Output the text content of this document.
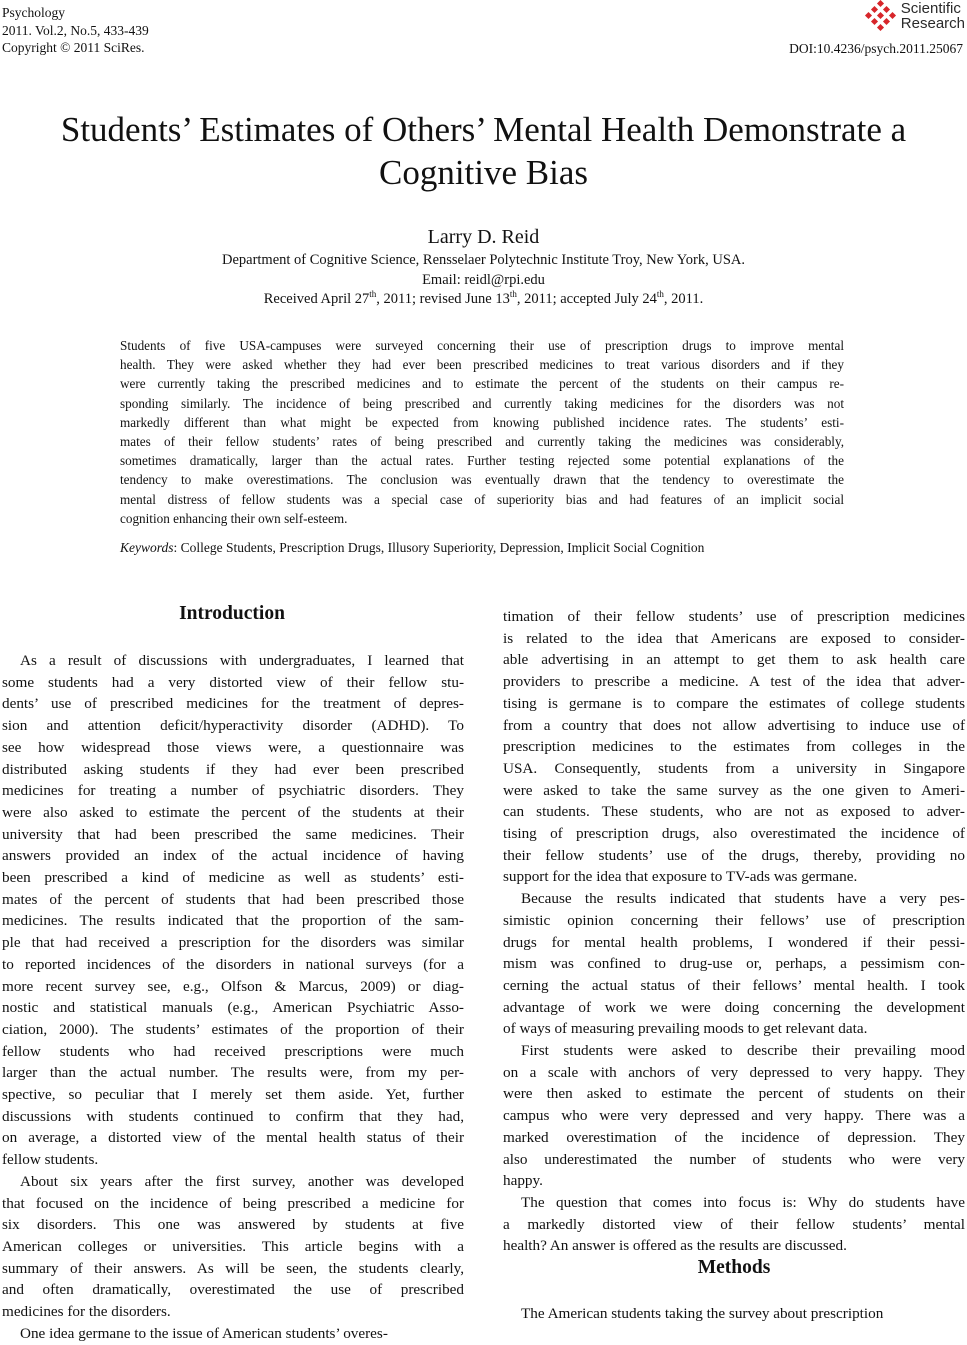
Psychology
2011. Vol.2, No.5, 433-439
Copyright © 2011 SciRes.
Scientific
Research
DOI:10.4236/psych.2011.25067
Students’ Estimates of Others’ Mental Health Demonstrate a
Cognitive Bias
Larry D. Reid
Department of Cognitive Science, Rensselaer Polytechnic Institute Troy, New York, USA.
Email: reidl@rpi.edu
Received April 27th, 2011; revised June 13th, 2011; accepted July 24th, 2011.
Students of five USA-campuses were surveyed concerning their use of prescription drugs to improve mental
health. They were asked whether they had ever been prescribed medicines to treat various disorders and if they
were currently taking the prescribed medicines and to estimate the percent of the students on their campus re-
sponding similarly. The incidence of being prescribed and currently taking medicines for the disorders was not
markedly different than what might be expected from knowing published incidence rates. The students’ esti-
mates of their fellow students’ rates of being prescribed and currently taking the medicines was considerably,
sometimes dramatically, larger than the actual rates. Further testing rejected some potential explanations of the
tendency to make overestimations. The conclusion was eventually drawn that the tendency to overestimate the
mental distress of fellow students was a special case of superiority bias and had features of an implicit social
cognition enhancing their own self-esteem.
Keywords: College Students, Prescription Drugs, Illusory Superiority, Depression, Implicit Social Cognition
Introduction
Methods
As a result of discussions with undergraduates, I learned that
some students had a very distorted view of their fellow stu-
dents’ use of prescribed medicines for the treatment of depres-
sion and attention deficit/hyperactivity disorder (ADHD). To
see how widespread those views were, a questionnaire was
distributed asking students if they had ever been prescribed
medicines for treating a number of psychiatric disorders. They
were also asked to estimate the percent of the students at their
university that had been prescribed the same medicines. Their
answers provided an index of the actual incidence of having
been prescribed a kind of medicine as well as students’ esti-
mates of the percent of students that had been prescribed those
medicines. The results indicated that the proportion of the sam-
ple that had received a prescription for the disorders was similar
to reported incidences of the disorders in national surveys (for a
more recent survey see, e.g., Olfson & Marcus, 2009) or diag-
nostic and statistical manuals (e.g., American Psychiatric Asso-
ciation, 2000). The students’ estimates of the proportion of their
fellow students who had received prescriptions were much
larger than the actual number. The results were, from my per-
spective, so peculiar that I merely set them aside. Yet, further
discussions with students continued to confirm that they had,
on average, a distorted view of the mental health status of their
fellow students.
About six years after the first survey, another was developed
that focused on the incidence of being prescribed a medicine for
six disorders. This one was answered by students at five
American colleges or universities. This article begins with a
summary of their answers. As will be seen, the students clearly,
and often dramatically, overestimated the use of prescribed
medicines for the disorders.
One idea germane to the issue of American students’ overes-
timation of their fellow students’ use of prescription medicines
is related to the idea that Americans are exposed to consider-
able advertising in an attempt to get them to ask health care
providers to prescribe a medicine. A test of the idea that adver-
tising is germane is to compare the estimates of college students
from a country that does not allow advertising to induce use of
prescription medicines to the estimates from colleges in the
USA. Consequently, students from a university in Singapore
were asked to take the same survey as the one given to Ameri-
can students. These students, who are not as exposed to adver-
tising of prescription drugs, also overestimated the incidence of
their fellow students’ use of the drugs, thereby, providing no
support for the idea that exposure to TV-ads was germane.
Because the results indicated that students have a very pes-
simistic opinion concerning their fellows’ use of prescription
drugs for mental health problems, I wondered if their pessi-
mism was confined to drug-use or, perhaps, a pessimism con-
cerning the actual status of their fellows’ mental health. I took
advantage of work we were doing concerning the development
of ways of measuring prevailing moods to get relevant data.
First students were asked to describe their prevailing mood
on a scale with anchors of very depressed to very happy. They
were then asked to estimate the percent of students on their
campus who were very depressed and very happy. There was a
marked overestimation of the incidence of depression. They
also underestimated the number of students who were very
happy.
The question that comes into focus is: Why do students have
a markedly distorted view of their fellow students’ mental
health? An answer is offered as the results are discussed.
The American students taking the survey about prescription
